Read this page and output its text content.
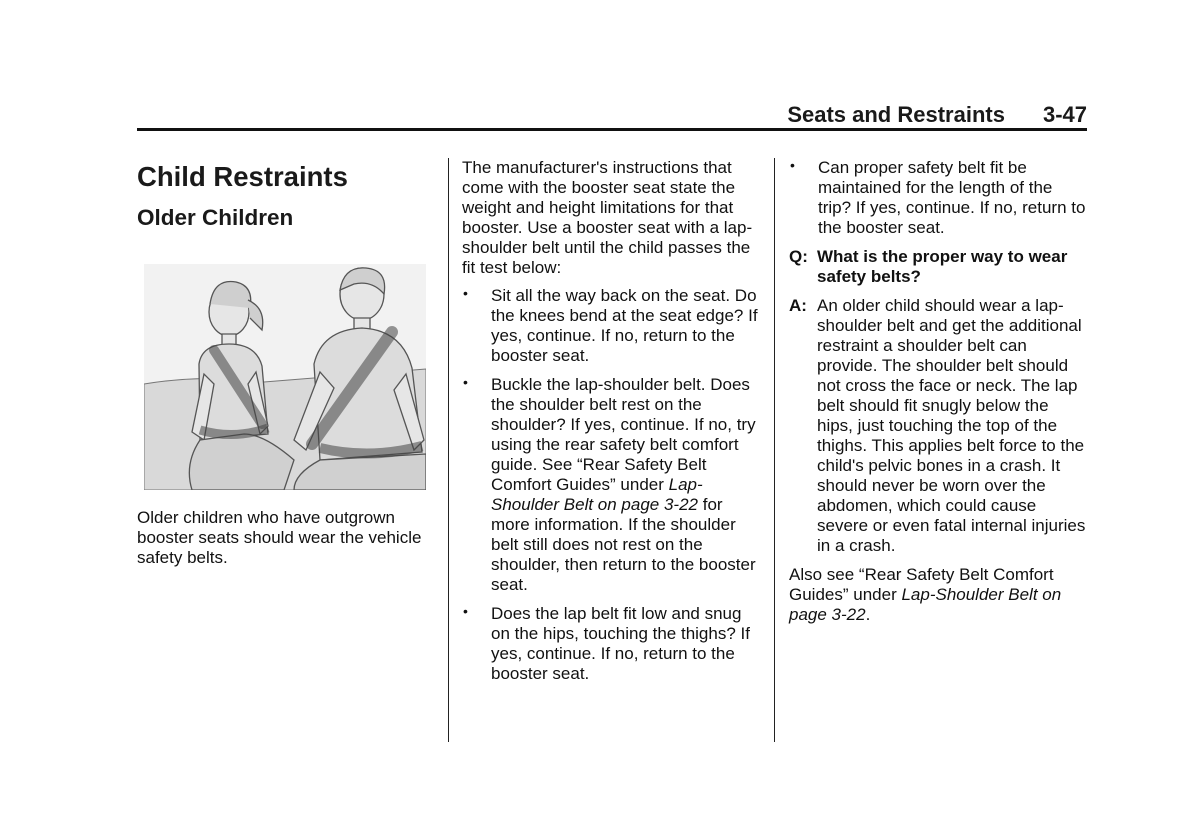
Seats and Restraints 3-47
Child Restraints
Older Children

Older children who have outgrown booster seats should wear the vehicle safety belts.

The manufacturer's instructions that come with the booster seat state the weight and height limitations for that booster. Use a booster seat with a lap-shoulder belt until the child passes the fit test below:

• Sit all the way back on the seat. Do the knees bend at the seat edge? If yes, continue. If no, return to the booster seat.
• Buckle the lap-shoulder belt. Does the shoulder belt rest on the shoulder? If yes, continue. If no, try using the rear safety belt comfort guide. See “Rear Safety Belt Comfort Guides” under Lap-Shoulder Belt on page 3-22 for more information. If the shoulder belt still does not rest on the shoulder, then return to the booster seat.
• Does the lap belt fit low and snug on the hips, touching the thighs? If yes, continue. If no, return to the booster seat.
• Can proper safety belt fit be maintained for the length of the trip? If yes, continue. If no, return to the booster seat.
Q: What is the proper way to wear safety belts?
A: An older child should wear a lap-shoulder belt and get the additional restraint a shoulder belt can provide. The shoulder belt should not cross the face or neck. The lap belt should fit snugly below the hips, just touching the top of the thighs. This applies belt force to the child's pelvic bones in a crash. It should never be worn over the abdomen, which could cause severe or even fatal internal injuries in a crash.

Also see “Rear Safety Belt Comfort Guides” under Lap-Shoulder Belt on page 3-22.
